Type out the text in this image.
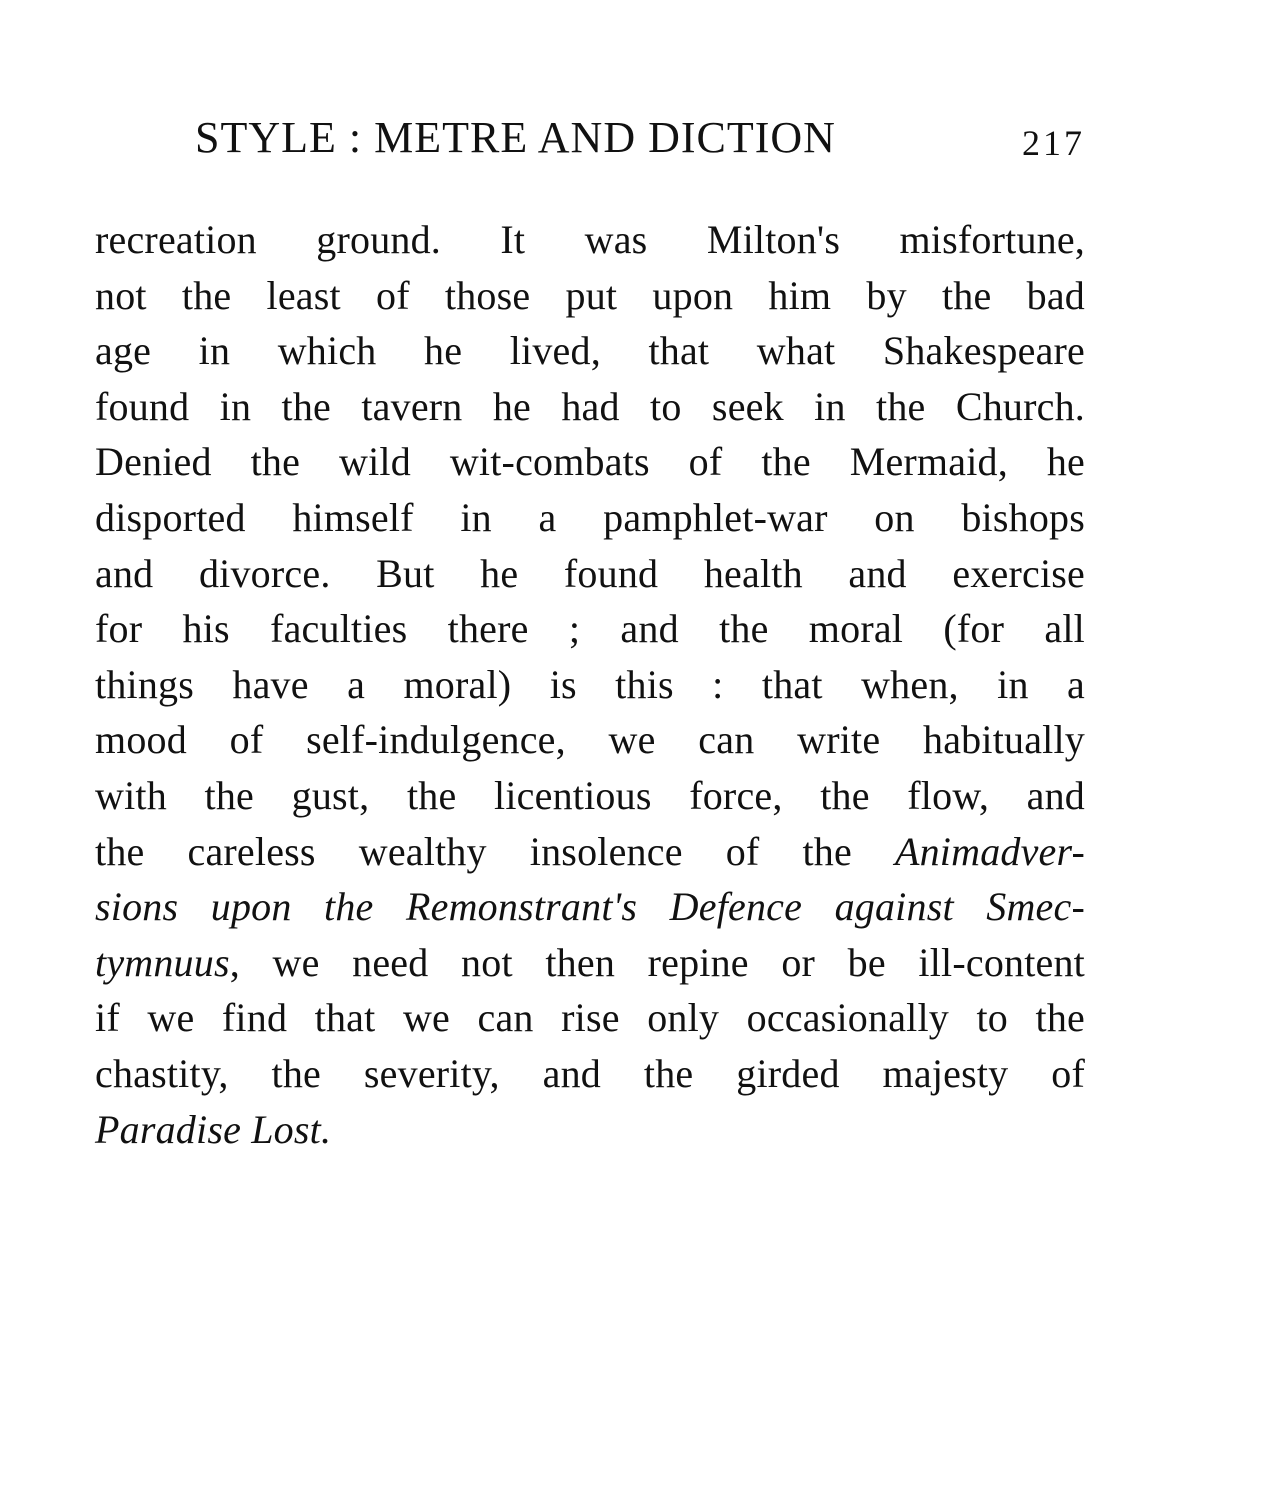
STYLE : METRE AND DICTION	217
recreation ground. It was Milton's misfortune,
not the least of those put upon him by the bad
age in which he lived, that what Shakespeare
found in the tavern he had to seek in the Church.
Denied the wild wit-combats of the Mermaid, he
disported himself in a pamphlet-war on bishops
and divorce. But he found health and exercise
for his faculties there ; and the moral (for all
things have a moral) is this : that when, in a
mood of self-indulgence, we can write habitually
with the gust, the licentious force, the flow, and
the careless wealthy insolence of the Animadver-
sions upon the Remonstrant's Defence against Smec-
tymnuus, we need not then repine or be ill-content
if we find that we can rise only occasionally to the
chastity, the severity, and the girded majesty of
Paradise Lost.
